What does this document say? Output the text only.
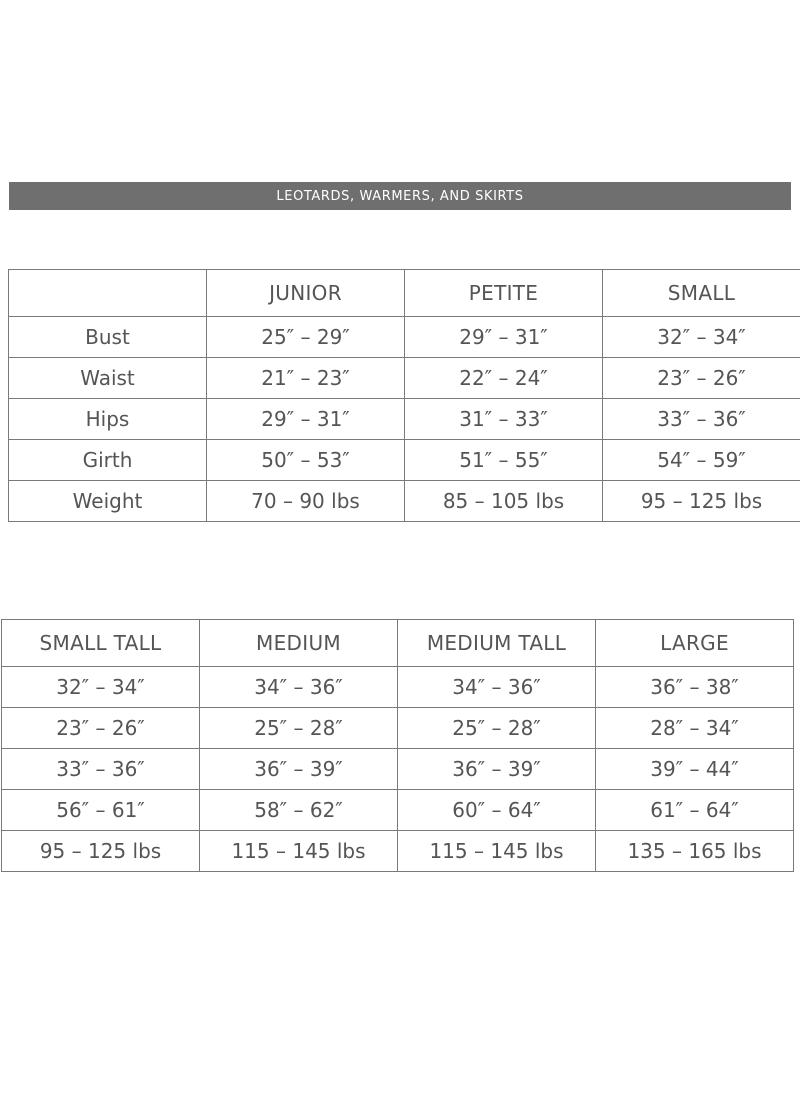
LEOTARDS, WARMERS, AND SKIRTS
	JUNIOR	PETITE	SMALL
Bust	25″ – 29″	29″ – 31″	32″ – 34″
Waist	21″ – 23″	22″ – 24″	23″ – 26″
Hips	29″ – 31″	31″ – 33″	33″ – 36″
Girth	50″ – 53″	51″ – 55″	54″ – 59″
Weight	70 – 90 lbs	85 – 105 lbs	95 – 125 lbs
SMALL TALL	MEDIUM	MEDIUM TALL	LARGE
32″ – 34″	34″ – 36″	34″ – 36″	36″ – 38″
23″ – 26″	25″ – 28″	25″ – 28″	28″ – 34″
33″ – 36″	36″ – 39″	36″ – 39″	39″ – 44″
56″ – 61″	58″ – 62″	60″ – 64″	61″ – 64″
95 – 125 lbs	115 – 145 lbs	115 – 145 lbs	135 – 165 lbs
